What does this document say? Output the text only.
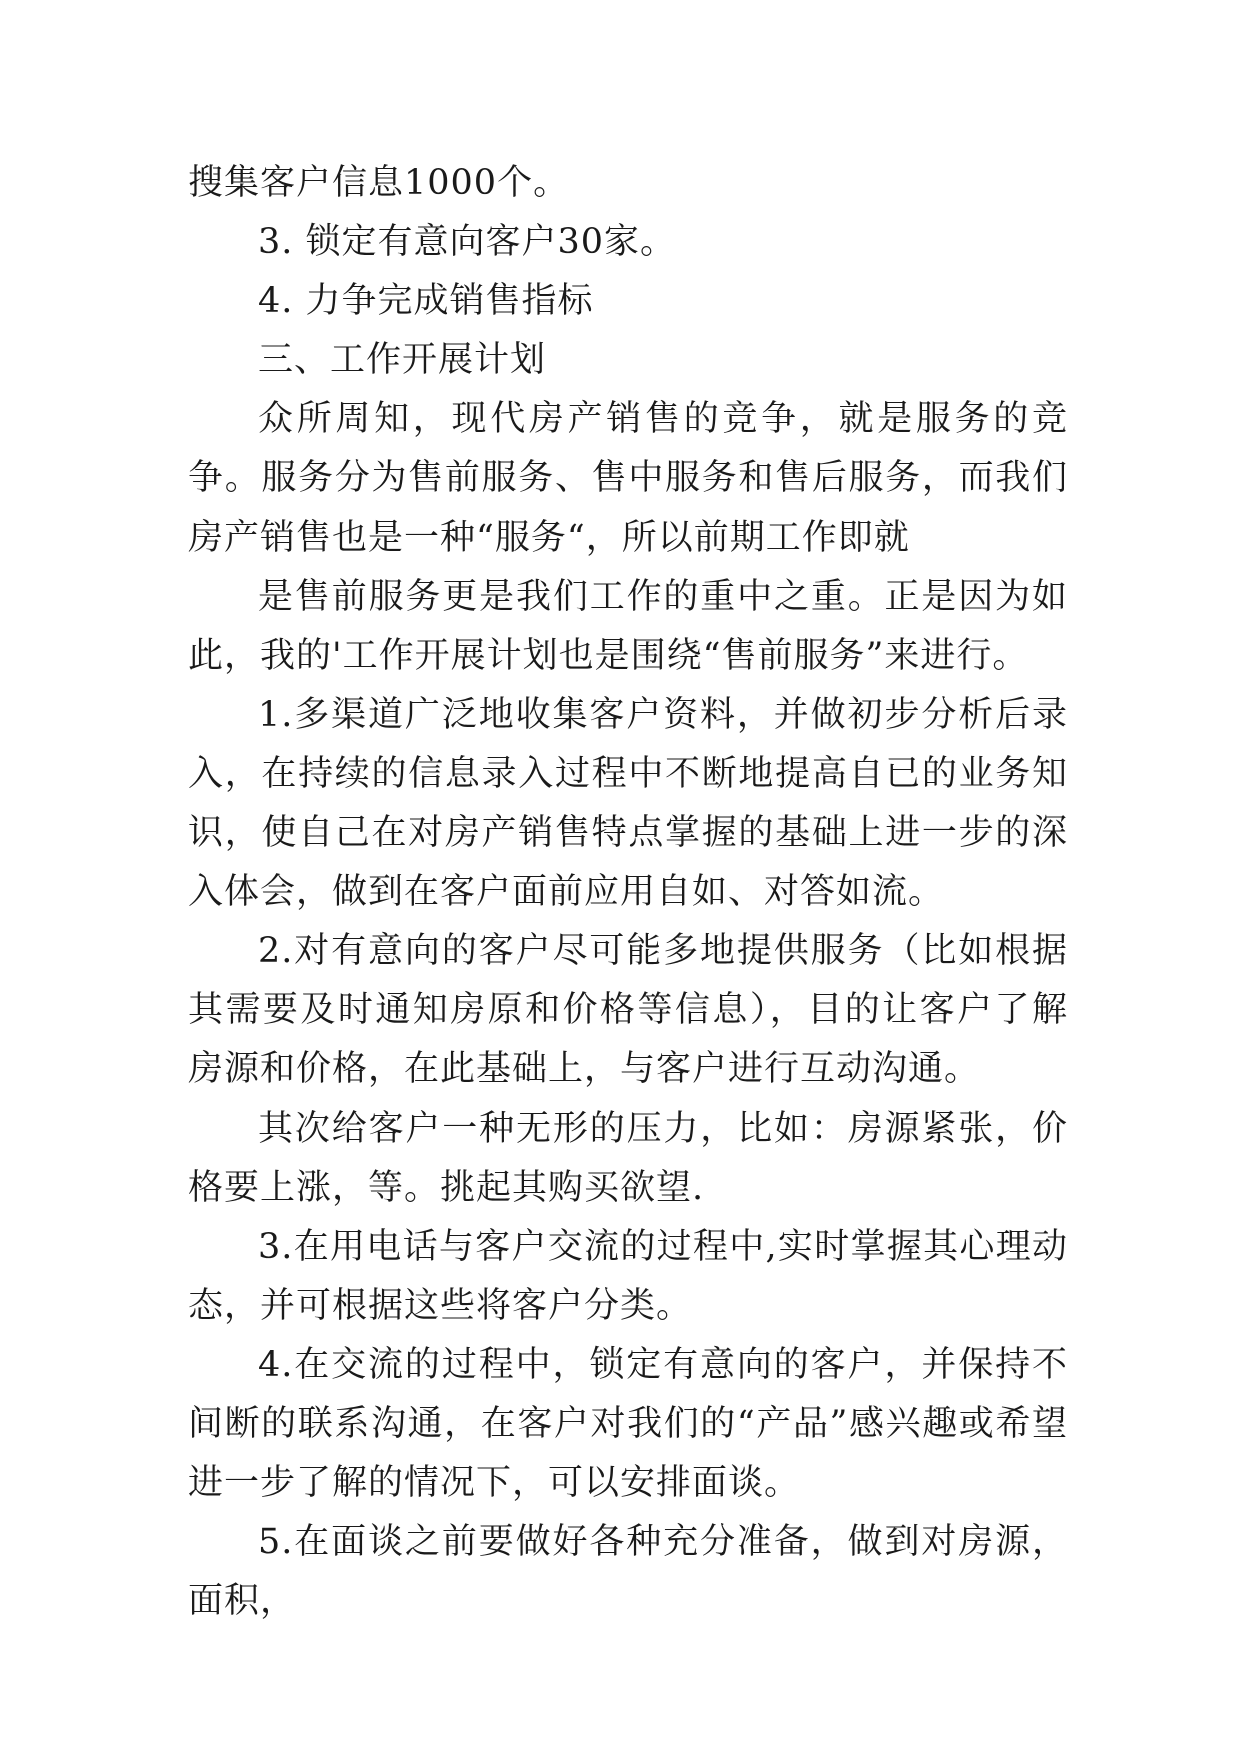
搜集客户信息1000个。

3. 锁定有意向客户30家。

4. 力争完成销售指标

三、工作开展计划

众所周知，现代房产销售的竞争，就是服务的竞争。服务分为售前服务、售中服务和售后服务，而我们房产销售也是一种“服务“，所以前期工作即就

是售前服务更是我们工作的重中之重。正是因为如此，我的'工作开展计划也是围绕“售前服务”来进行。

1.多渠道广泛地收集客户资料，并做初步分析后录入，在持续的信息录入过程中不断地提高自已的业务知识，使自己在对房产销售特点掌握的基础上进一步的深入体会，做到在客户面前应用自如、对答如流。

2.对有意向的客户尽可能多地提供服务（比如根据其需要及时通知房原和价格等信息），目的让客户了解房源和价格，在此基础上，与客户进行互动沟通。

其次给客户一种无形的压力，比如：房源紧张，价格要上涨，等。挑起其购买欲望.

3.在用电话与客户交流的过程中,实时掌握其心理动态，并可根据这些将客户分类。

4.在交流的过程中，锁定有意向的客户，并保持不间断的联系沟通，在客户对我们的“产品”感兴趣或希望进一步了解的情况下，可以安排面谈。

5.在面谈之前要做好各种充分准备，做到对房源，面积，
